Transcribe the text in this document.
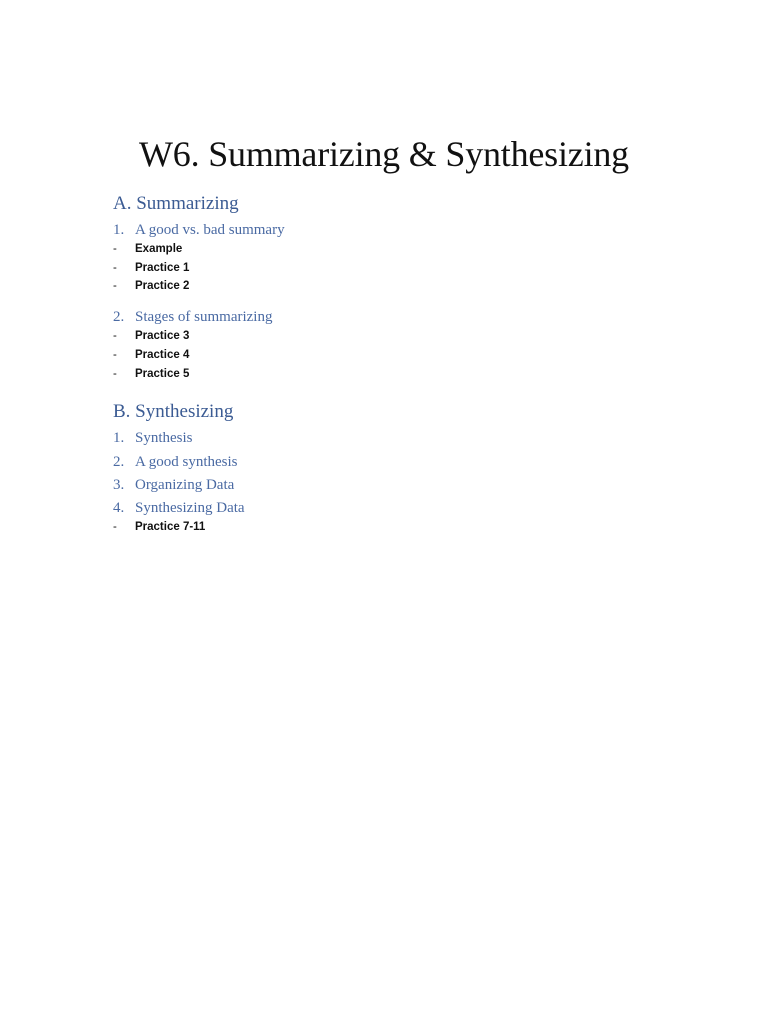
W6. Summarizing & Synthesizing
A. Summarizing
1. A good vs. bad summary
- Example
- Practice 1
- Practice 2
2. Stages of summarizing
- Practice 3
- Practice 4
- Practice 5
B. Synthesizing
1. Synthesis
2. A good synthesis
3. Organizing Data
4. Synthesizing Data
- Practice 7-11
